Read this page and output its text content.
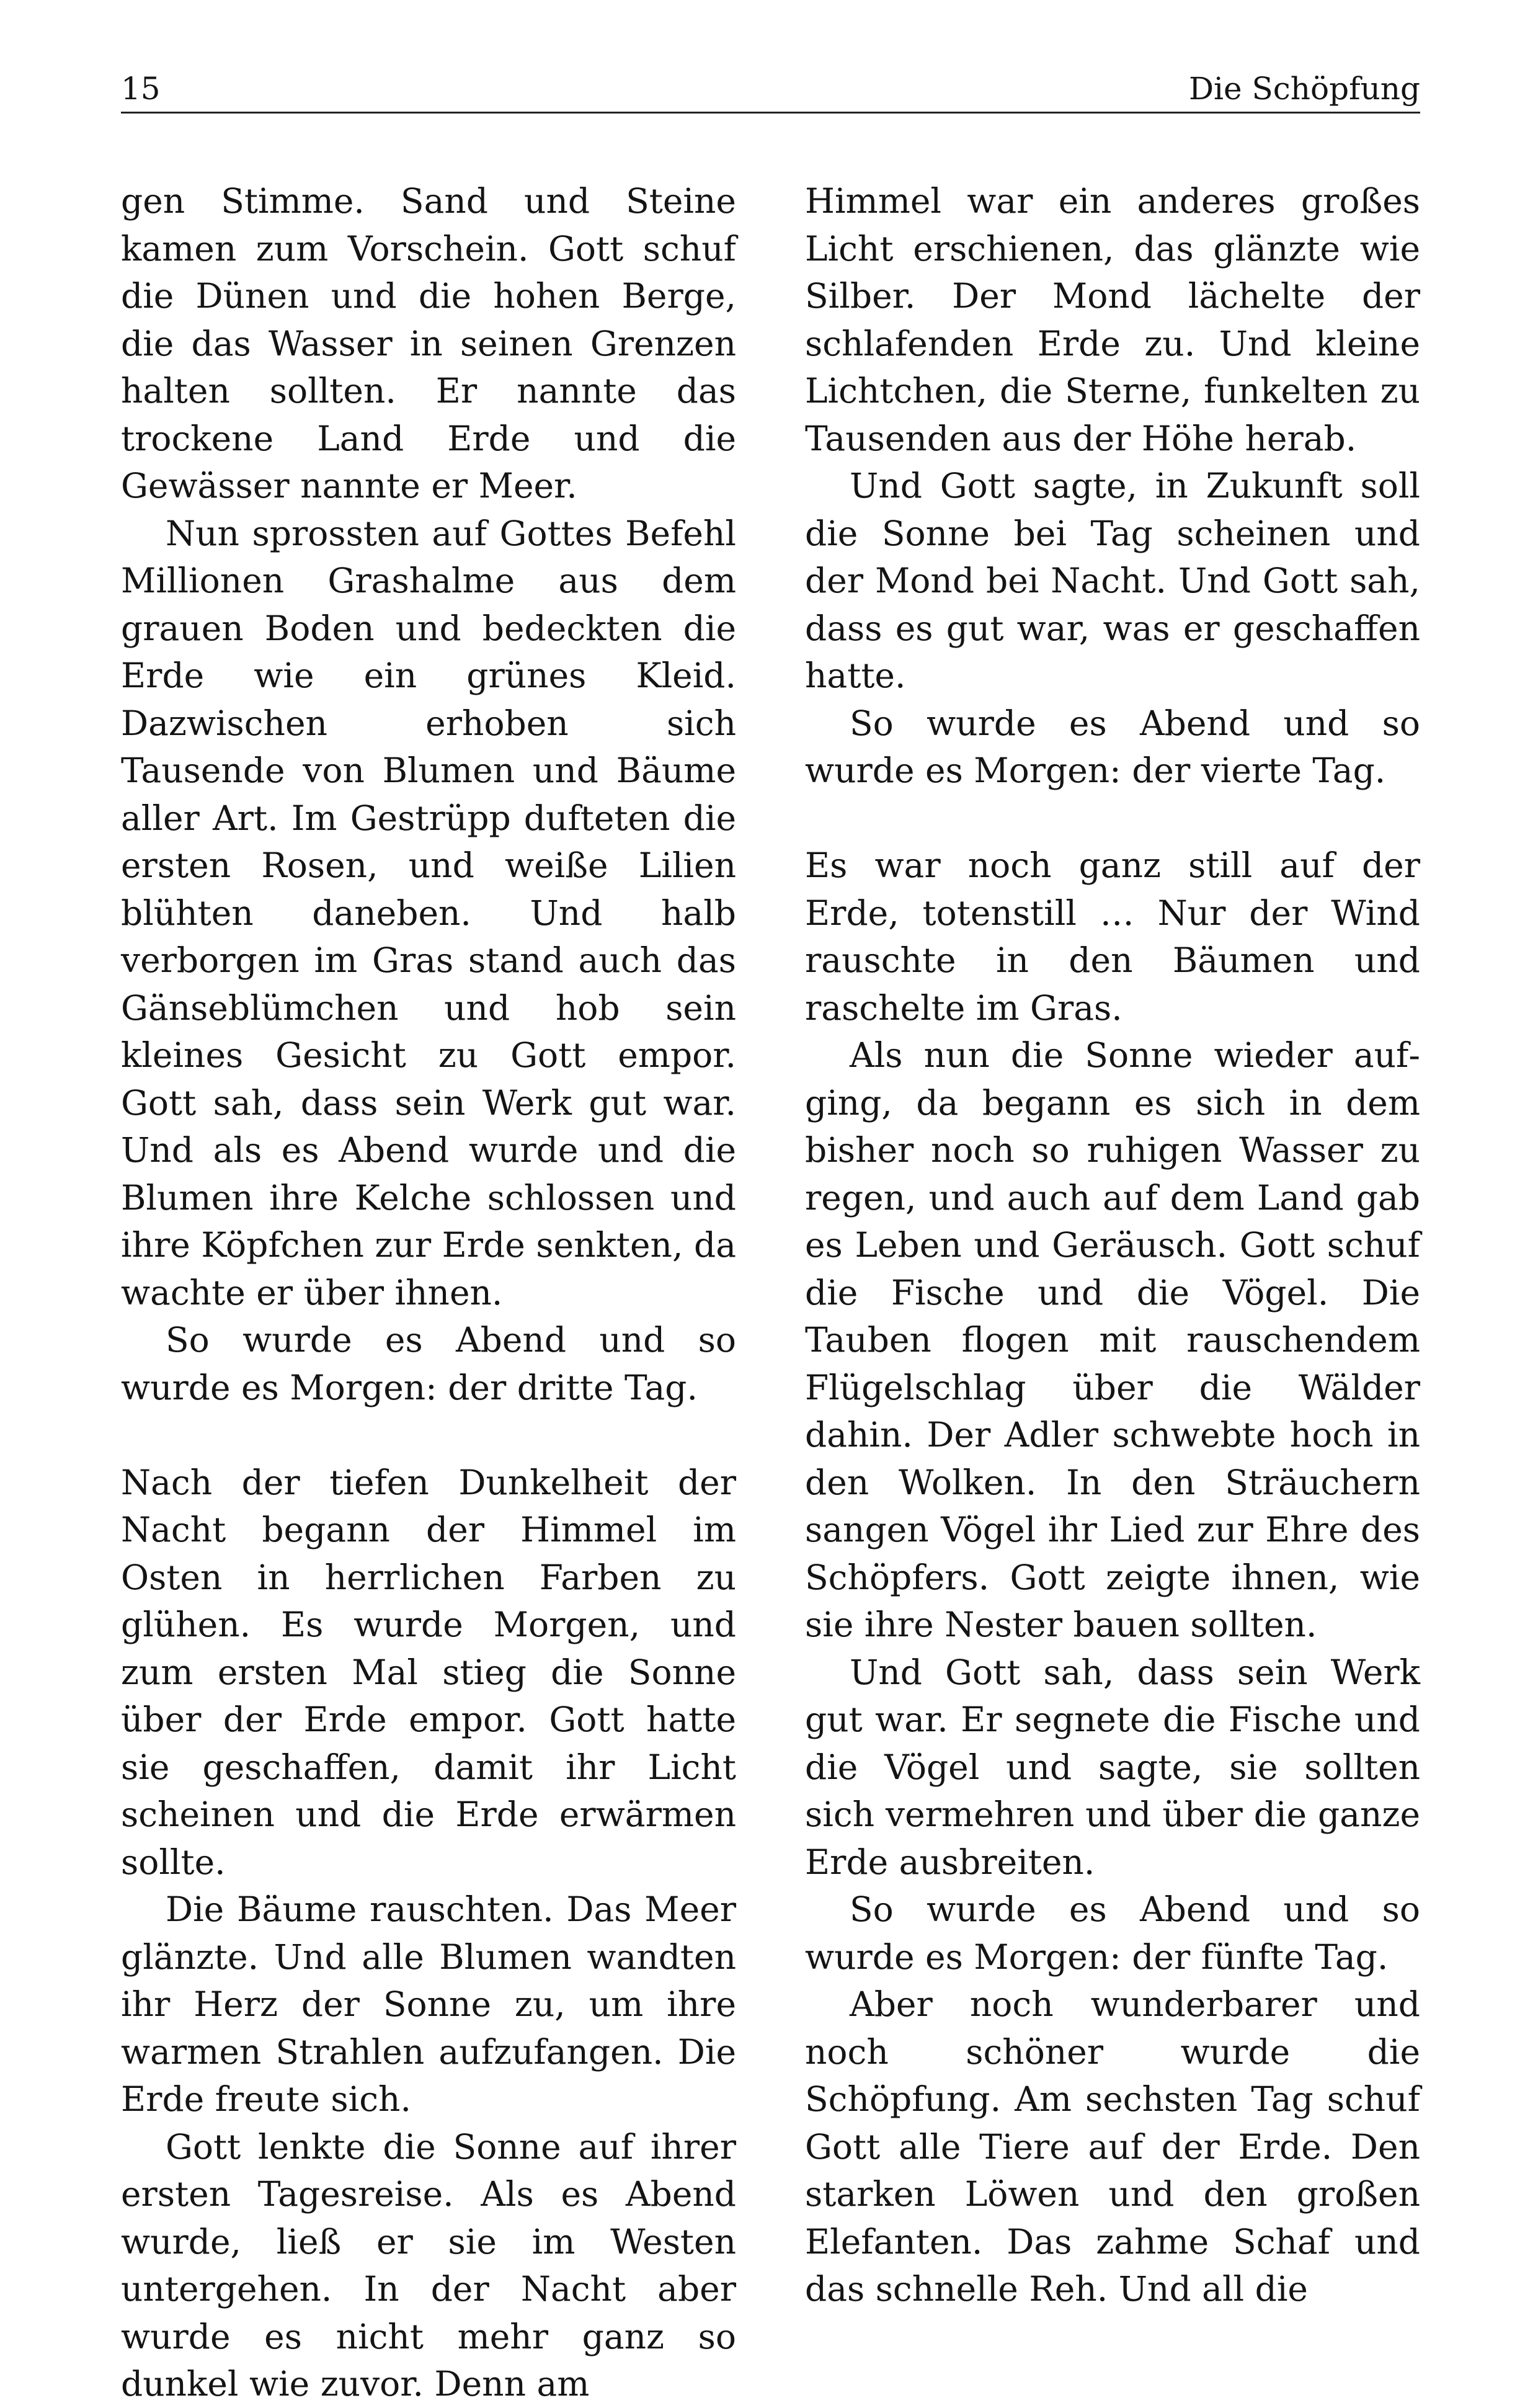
15	Die Schöpfung

gen Stimme. Sand und Steine kamen zum Vorschein. Gott schuf die Dünen und die hohen Berge, die das Wasser in seinen Grenzen halten sollten. Er nannte das trockene Land Erde und die Gewässer nannte er Meer.

Nun sprossten auf Gottes Befehl Millionen Grashalme aus dem grauen Boden und bedeckten die Erde wie ein grünes Kleid. Dazwischen erhoben sich Tausende von Blumen und Bäume aller Art. Im Gestrüpp dufteten die ersten Rosen, und weiße Lilien blühten daneben. Und halb verborgen im Gras stand auch das Gänseblümchen und hob sein kleines Gesicht zu Gott empor. Gott sah, dass sein Werk gut war. Und als es Abend wurde und die Blumen ihre Kelche schlossen und ihre Köpfchen zur Erde senkten, da wachte er über ihnen.

So wurde es Abend und so wurde es Morgen: der dritte Tag.

Nach der tiefen Dunkelheit der Nacht begann der Himmel im Osten in herrlichen Farben zu glühen. Es wurde Morgen, und zum ersten Mal stieg die Sonne über der Erde empor. Gott hatte sie geschaffen, damit ihr Licht scheinen und die Erde erwärmen sollte.

Die Bäume rauschten. Das Meer glänzte. Und alle Blumen wandten ihr Herz der Sonne zu, um ihre warmen Strahlen aufzufangen. Die Erde freute sich.

Gott lenkte die Sonne auf ihrer ersten Tagesreise. Als es Abend wurde, ließ er sie im Westen untergehen. In der Nacht aber wurde es nicht mehr ganz so dunkel wie zuvor. Denn am

Himmel war ein anderes großes Licht erschienen, das glänzte wie Silber. Der Mond lächelte der schlafenden Erde zu. Und kleine Lichtchen, die Sterne, funkelten zu Tausenden aus der Höhe herab.

Und Gott sagte, in Zukunft soll die Sonne bei Tag scheinen und der Mond bei Nacht. Und Gott sah, dass es gut war, was er geschaffen hatte.

So wurde es Abend und so wurde es Morgen: der vierte Tag.

Es war noch ganz still auf der Erde, totenstill … Nur der Wind rauschte in den Bäumen und raschelte im Gras.

Als nun die Sonne wieder aufging, da begann es sich in dem bisher noch so ruhigen Wasser zu regen, und auch auf dem Land gab es Leben und Geräusch. Gott schuf die Fische und die Vögel. Die Tauben flogen mit rauschendem Flügelschlag über die Wälder dahin. Der Adler schwebte hoch in den Wolken. In den Sträuchern sangen Vögel ihr Lied zur Ehre des Schöpfers. Gott zeigte ihnen, wie sie ihre Nester bauen sollten.

Und Gott sah, dass sein Werk gut war. Er segnete die Fische und die Vögel und sagte, sie sollten sich vermehren und über die ganze Erde ausbreiten.

So wurde es Abend und so wurde es Morgen: der fünfte Tag.

Aber noch wunderbarer und noch schöner wurde die Schöpfung. Am sechsten Tag schuf Gott alle Tiere auf der Erde. Den starken Löwen und den großen Elefanten. Das zahme Schaf und das schnelle Reh. Und all die
